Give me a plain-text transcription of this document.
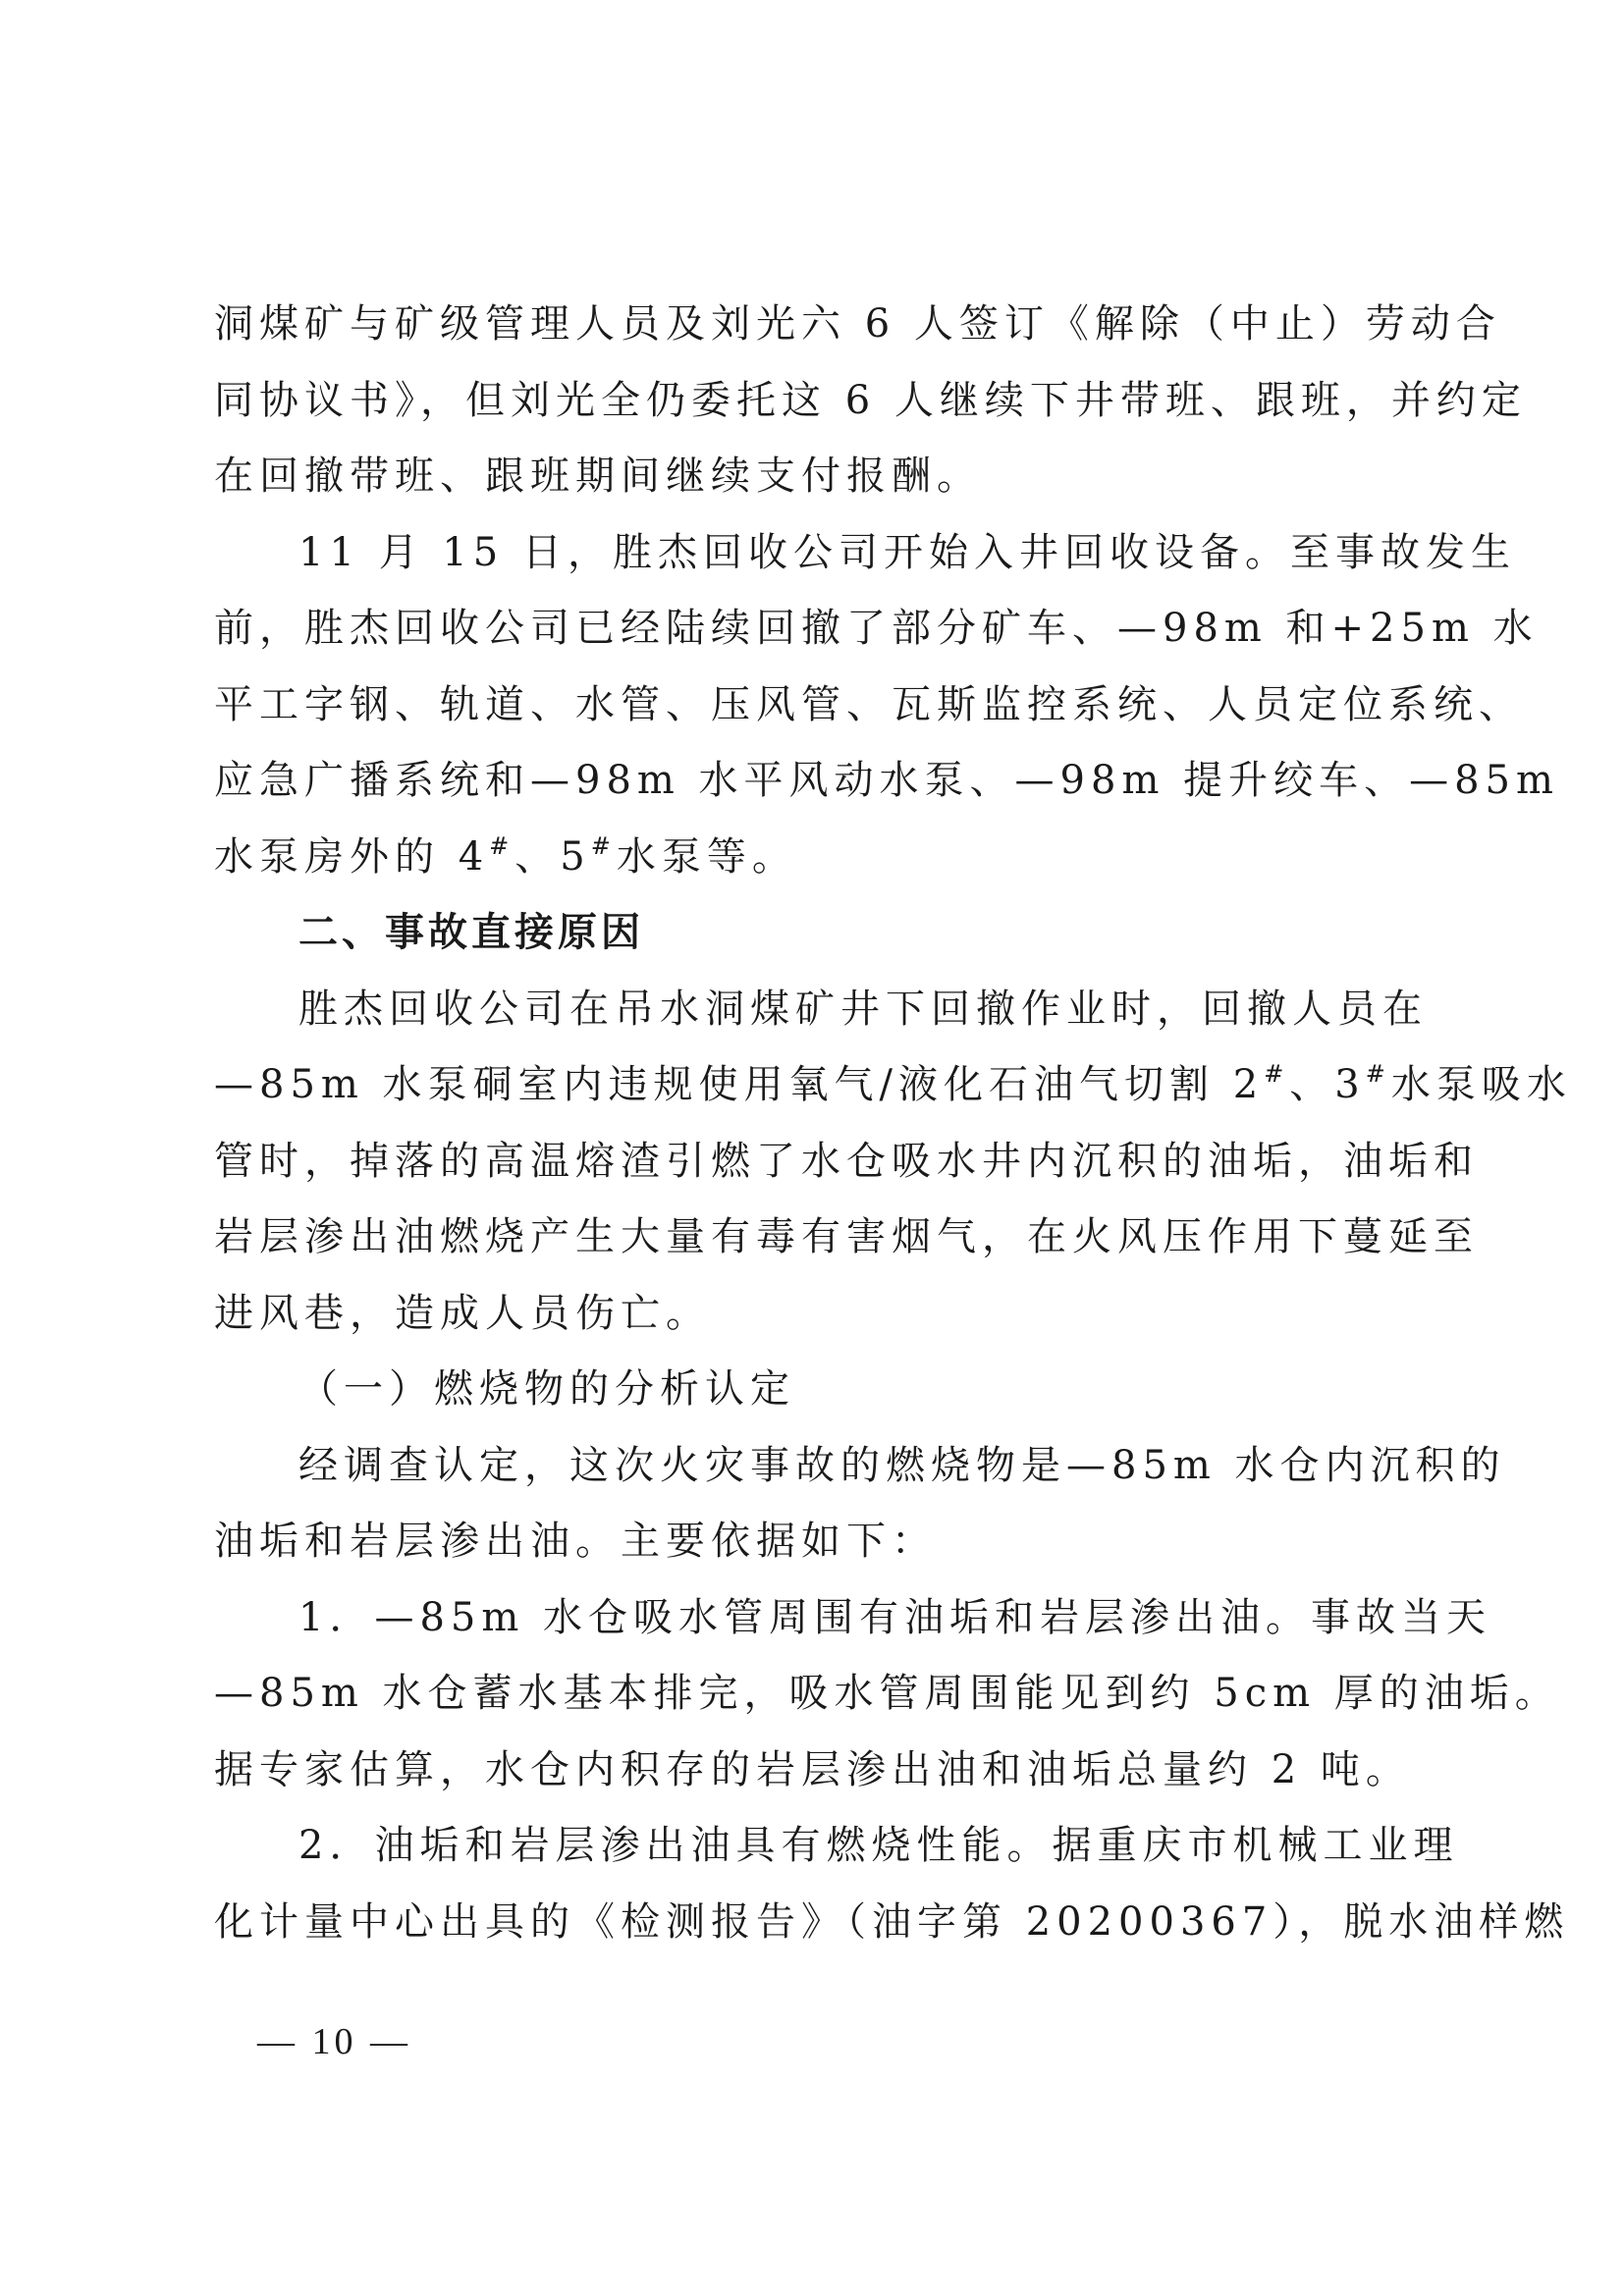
洞煤矿与矿级管理人员及刘光六 6 人签订《解除（中止）劳动合
同协议书》，但刘光全仍委托这 6 人继续下井带班、跟班，并约定
在回撤带班、跟班期间继续支付报酬。
11 月 15 日，胜杰回收公司开始入井回收设备。至事故发生
前，胜杰回收公司已经陆续回撤了部分矿车、—98m 和+25m 水
平工字钢、轨道、水管、压风管、瓦斯监控系统、人员定位系统、
应急广播系统和—98m 水平风动水泵、—98m 提升绞车、—85m
水泵房外的 4#、5#水泵等。
二、事故直接原因
胜杰回收公司在吊水洞煤矿井下回撤作业时，回撤人员在
—85m 水泵硐室内违规使用氧气/液化石油气切割 2#、3#水泵吸水
管时，掉落的高温熔渣引燃了水仓吸水井内沉积的油垢，油垢和
岩层渗出油燃烧产生大量有毒有害烟气，在火风压作用下蔓延至
进风巷，造成人员伤亡。
（一）燃烧物的分析认定
经调查认定，这次火灾事故的燃烧物是—85m 水仓内沉积的
油垢和岩层渗出油。主要依据如下：
1．—85m 水仓吸水管周围有油垢和岩层渗出油。事故当天
—85m 水仓蓄水基本排完，吸水管周围能见到约 5cm 厚的油垢。
据专家估算，水仓内积存的岩层渗出油和油垢总量约 2 吨。
2．油垢和岩层渗出油具有燃烧性能。据重庆市机械工业理
化计量中心出具的《检测报告》（油字第 20200367），脱水油样燃
— 10 —
